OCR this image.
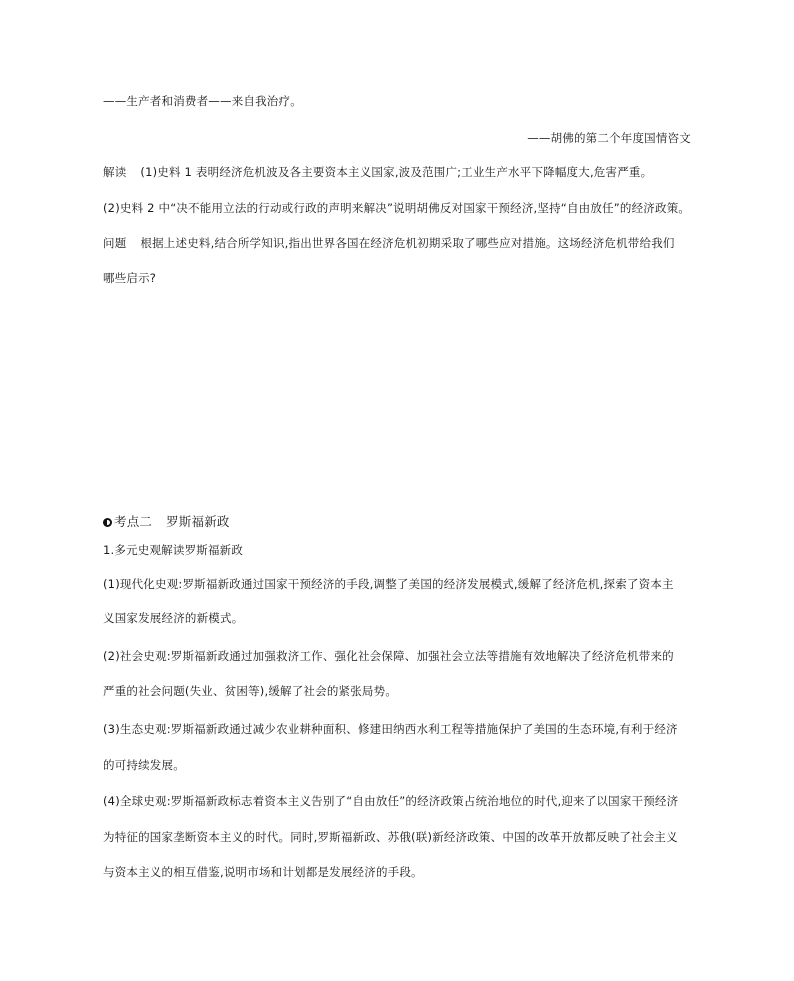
——生产者和消费者——来自我治疗。
——胡佛的第二个年度国情咨文
解读 (1)史料 1 表明经济危机波及各主要资本主义国家,波及范围广;工业生产水平下降幅度大,危害严重。
(2)史料 2 中“决不能用立法的行动或行政的声明来解决”说明胡佛反对国家干预经济,坚持“自由放任”的经济政策。
问题 根据上述史料,结合所学知识,指出世界各国在经济危机初期采取了哪些应对措施。这场经济危机带给我们
哪些启示?
考点二 罗斯福新政
1.多元史观解读罗斯福新政
(1)现代化史观:罗斯福新政通过国家干预经济的手段,调整了美国的经济发展模式,缓解了经济危机,探索了资本主
义国家发展经济的新模式。
(2)社会史观:罗斯福新政通过加强救济工作、强化社会保障、加强社会立法等措施有效地解决了经济危机带来的
严重的社会问题(失业、贫困等),缓解了社会的紧张局势。
(3)生态史观:罗斯福新政通过减少农业耕种面积、修建田纳西水利工程等措施保护了美国的生态环境,有利于经济
的可持续发展。
(4)全球史观:罗斯福新政标志着资本主义告别了“自由放任”的经济政策占统治地位的时代,迎来了以国家干预经济
为特征的国家垄断资本主义的时代。同时,罗斯福新政、苏俄(联)新经济政策、中国的改革开放都反映了社会主义
与资本主义的相互借鉴,说明市场和计划都是发展经济的手段。
